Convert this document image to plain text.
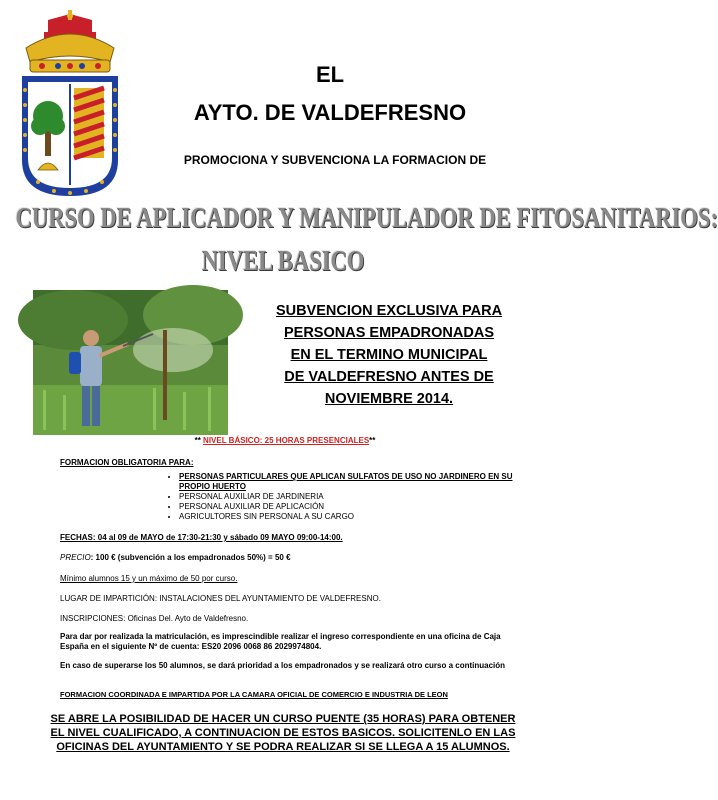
EL
AYTO. DE VALDEFRESNO
PROMOCIONA Y SUBVENCIONA LA FORMACION DE
CURSO DE APLICADOR Y MANIPULADOR DE FITOSANITARIOS:
NIVEL BASICO
SUBVENCION EXCLUSIVA PARA
PERSONAS EMPADRONADAS
EN EL TERMINO MUNICIPAL
DE VALDEFRESNO ANTES DE
NOVIEMBRE 2014.
** NIVEL BÁSICO: 25 HORAS PRESENCIALES**
FORMACION OBLIGATORIA PARA:
• PERSONAS PARTICULARES QUE APLICAN SULFATOS DE USO NO JARDINERO EN SU PROPIO HUERTO
• PERSONAL AUXILIAR DE JARDINERIA
• PERSONAL AUXILIAR DE APLICACIÓN
• AGRICULTORES SIN PERSONAL A SU CARGO
FECHAS: 04 al 09 de MAYO de 17:30-21:30 y sábado 09 MAYO 09:00-14:00.
PRECIO: 100 € (subvención a los empadronados 50%) = 50 €
Mínimo alumnos 15 y un máximo de 50 por curso.
LUGAR DE IMPARTICIÓN: INSTALACIONES DEL AYUNTAMIENTO DE VALDEFRESNO.
INSCRIPCIONES: Oficinas Del. Ayto de Valdefresno.
Para dar por realizada la matriculación, es imprescindible realizar el ingreso correspondiente en una oficina de Caja España en el siguiente Nº de cuenta: ES20 2096 0068 86 2029974804.
En caso de superarse los 50 alumnos, se dará prioridad a los empadronados y se realizará otro curso a continuación
FORMACION COORDINADA E IMPARTIDA POR LA CAMARA OFICIAL DE COMERCIO E INDUSTRIA DE LEON
SE ABRE LA POSIBILIDAD DE HACER UN CURSO PUENTE (35 HORAS) PARA OBTENER EL NIVEL CUALIFICADO, A CONTINUACION DE ESTOS BASICOS. SOLICITENLO EN LAS OFICINAS DEL AYUNTAMIENTO Y SE PODRA REALIZAR SI SE LLEGA A 15 ALUMNOS.
